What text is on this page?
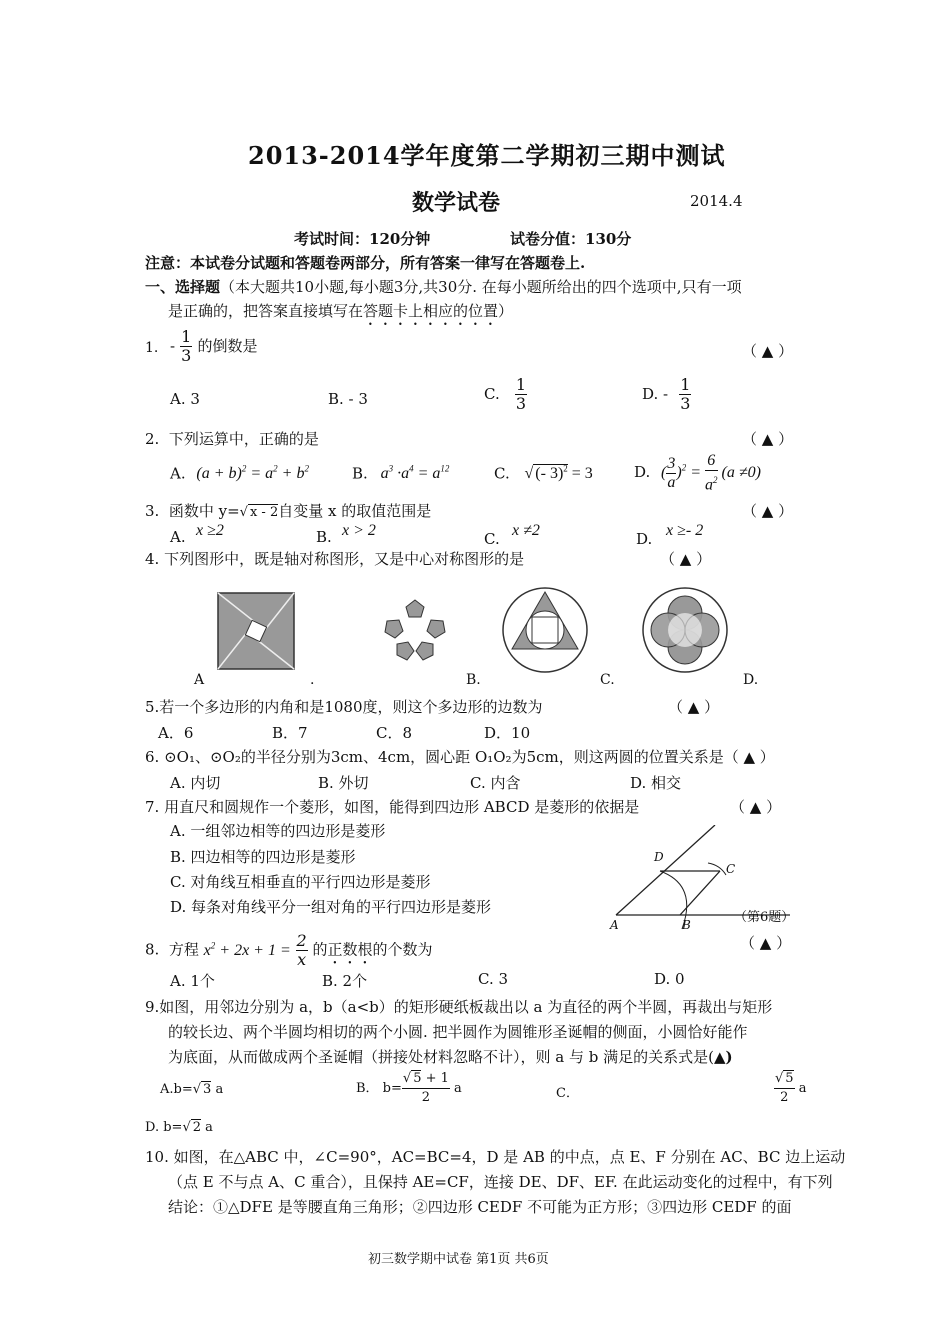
2013-2014学年度第二学期初三期中测试
数学试卷	2014.4
考试时间：120分钟	试卷分值：130分
注意：本试卷分试题和答题卷两部分，所有答案一律写在答题卷上.
一、选择题（本大题共10小题,每小题3分,共30分. 在每小题所给出的四个选项中,只有一项
是正确的，把答案直接填写在答题卡上相应的位置）
1. - $\frac{1}{3}$ 的倒数是	（ ▲ ）
A. 3	B. - 3	C. $\frac{1}{3}$	D. - $\frac{1}{3}$
2. 下列运算中，正确的是	（ ▲ ）
A. $(a + b)^2 = a^2 + b^2$	B. $a^3 \cdot a^4 = a^{12}$	C. √ (- 3)$^2$ = 3	D. ( $\frac{3}{a} )^2 = \frac{6}{a^2} (a \ne 0)$
3. 函数中 y=√ x - 2自变量 x 的取值范围是	（ ▲ ）
A. x ≥2	B. x > 2	C. x ≠2	D. x ≥- 2
4. 下列图形中，既是轴对称图形，又是中心对称图形的是	（ ▲ ）
A	.	B.	C.	D.
5.若一个多边形的内角和是1080度，则这个多边形的边数为	（ ▲ ）
A．6	B．7	C．8	D．10
6. ⊙O₁、⊙O₂的半径分别为3cm、4cm，圆心距 O₁O₂为5cm，则这两圆的位置关系是（ ▲ ）
A. 内切	B. 外切	C. 内含	D. 相交
7. 用直尺和圆规作一个菱形，如图，能得到四边形 ABCD 是菱形的依据是	（ ▲ ）
A. 一组邻边相等的四边形是菱形
B. 四边相等的四边形是菱形
C. 对角线互相垂直的平行四边形是菱形
D. 每条对角线平分一组对角的平行四边形是菱形
D
C
A	B	（第6题）
8. 方程 $x^2 + 2x + 1 = \frac{2}{x}$ 的正数根的个数为	（ ▲ ）
A. 1个	B. 2个	C. 3	D. 0
9.如图，用邻边分别为 a，b（a<b）的矩形硬纸板裁出以 a 为直径的两个半圆，再裁出与矩形
的较长边、两个半圆均相切的两个小圆. 把半圆作为圆锥形圣诞帽的侧面，小圆恰好能作
为底面，从而做成两个圣诞帽（拼接处材料忽略不计），则 a 与 b 满足的关系式是(▲)
A.b=√ 3 a	B． $b= \frac{√ 5 + 1}{2}$ a	C．	$\frac{√ 5}{2}$ a
D. b=√ 2 a
10. 如图，在△ABC 中，∠C=90°，AC=BC=4，D 是 AB 的中点，点 E、F 分别在 AC、BC 边上运动
（点 E 不与点 A、C 重合），且保持 AE=CF，连接 DE、DF、EF. 在此运动变化的过程中，有下列
结论：①△DFE 是等腰直角三角形；②四边形 CEDF 不可能为正方形；③四边形 CEDF 的面
初三数学期中试卷 第1页 共6页
